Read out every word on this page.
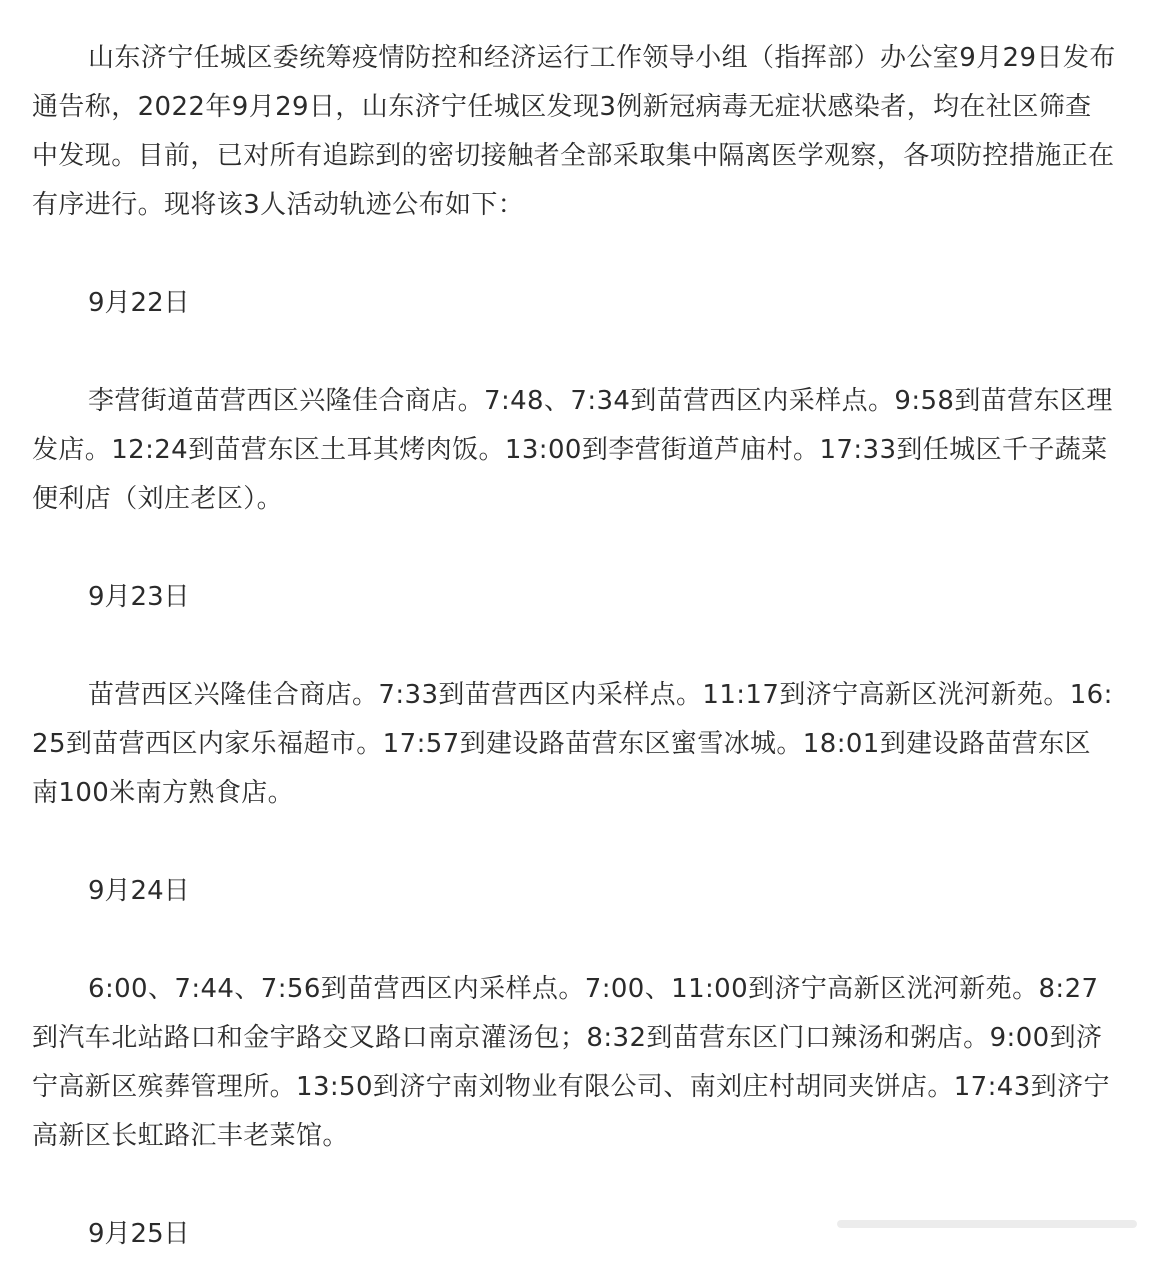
山东济宁任城区委统筹疫情防控和经济运行工作领导小组（指挥部）办公室9月29日发布通告称，2022年9月29日，山东济宁任城区发现3例新冠病毒无症状感染者，均在社区筛查中发现。目前，已对所有追踪到的密切接触者全部采取集中隔离医学观察，各项防控措施正在有序进行。现将该3人活动轨迹公布如下：

9月22日

李营街道苗营西区兴隆佳合商店。7:48、7:34到苗营西区内采样点。9:58到苗营东区理发店。12:24到苗营东区土耳其烤肉饭。13:00到李营街道芦庙村。17:33到任城区千子蔬菜便利店（刘庄老区）。

9月23日

苗营西区兴隆佳合商店。7:33到苗营西区内采样点。11:17到济宁高新区洸河新苑。16:25到苗营西区内家乐福超市。17:57到建设路苗营东区蜜雪冰城。18:01到建设路苗营东区南100米南方熟食店。

9月24日

6:00、7:44、7:56到苗营西区内采样点。7:00、11:00到济宁高新区洸河新苑。8:27到汽车北站路口和金宇路交叉路口南京灌汤包；8:32到苗营东区门口辣汤和粥店。9:00到济宁高新区殡葬管理所。13:50到济宁南刘物业有限公司、南刘庄村胡同夹饼店。17:43到济宁高新区长虹路汇丰老菜馆。

9月25日
